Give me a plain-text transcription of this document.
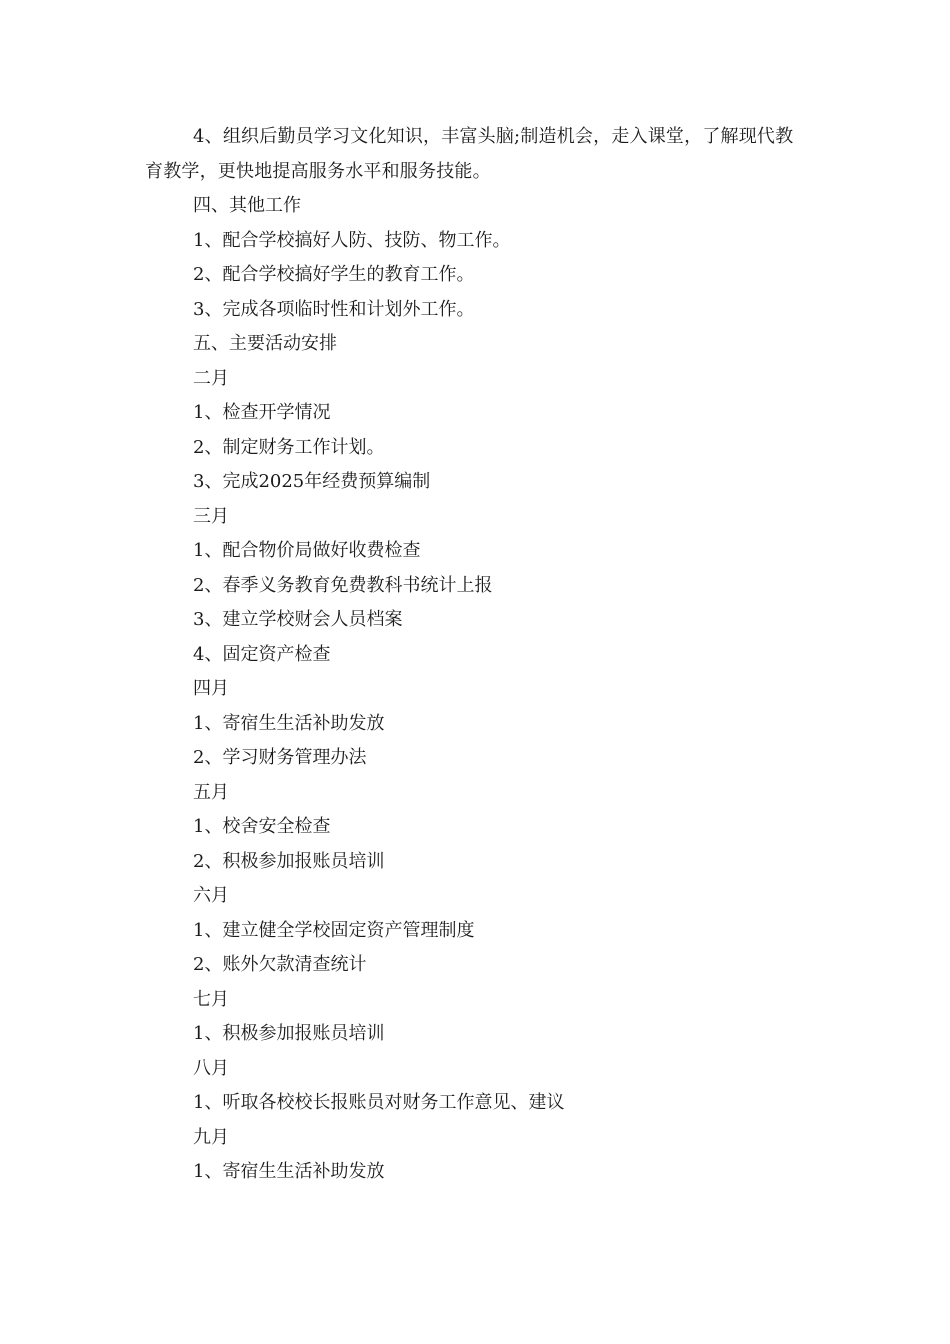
4、组织后勤员学习文化知识，丰富头脑;制造机会，走入课堂，了解现代教育教学，更快地提高服务水平和服务技能。
四、其他工作
1、配合学校搞好人防、技防、物工作。
2、配合学校搞好学生的教育工作。
3、完成各项临时性和计划外工作。
五、主要活动安排
二月
1、检查开学情况
2、制定财务工作计划。
3、完成2025年经费预算编制
三月
1、配合物价局做好收费检查
2、春季义务教育免费教科书统计上报
3、建立学校财会人员档案
4、固定资产检查
四月
1、寄宿生生活补助发放
2、学习财务管理办法
五月
1、校舍安全检查
2、积极参加报账员培训
六月
1、建立健全学校固定资产管理制度
2、账外欠款清查统计
七月
1、积极参加报账员培训
八月
1、听取各校校长报账员对财务工作意见、建议
九月
1、寄宿生生活补助发放
